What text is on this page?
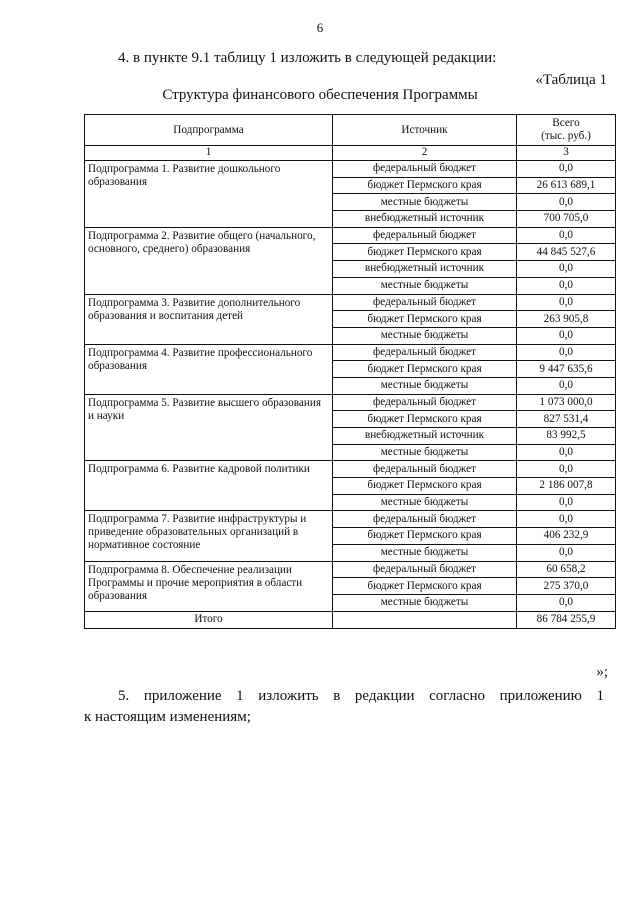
6
4. в пункте 9.1 таблицу 1 изложить в следующей редакции:
«Таблица 1
Структура финансового обеспечения Программы
Подпрограмма	Источник	Всего
(тыс. руб.)
1	2	3
Подпрограмма 1. Развитие дошкольного образования	федеральный бюджет	0,0
	бюджет Пермского края	26 613 689,1
	местные бюджеты	0,0
	внебюджетный источник	700 705,0
Подпрограмма 2. Развитие общего (начального, основного, среднего) образования	федеральный бюджет	0,0
	бюджет Пермского края	44 845 527,6
	внебюджетный источник	0,0
	местные бюджеты	0,0
Подпрограмма 3. Развитие дополнительного образования и воспитания детей	федеральный бюджет	0,0
	бюджет Пермского края	263 905,8
	местные бюджеты	0,0
Подпрограмма 4. Развитие профессионального образования	федеральный бюджет	0,0
	бюджет Пермского края	9 447 635,6
	местные бюджеты	0,0
Подпрограмма 5. Развитие высшего образования и науки	федеральный бюджет	1 073 000,0
	бюджет Пермского края	827 531,4
	внебюджетный источник	83 992,5
	местные бюджеты	0,0
Подпрограмма 6. Развитие кадровой политики	федеральный бюджет	0,0
	бюджет Пермского края	2 186 007,8
	местные бюджеты	0,0
Подпрограмма 7. Развитие инфраструктуры и приведение образовательных организаций в нормативное состояние	федеральный бюджет	0,0
	бюджет Пермского края	406 232,9
	местные бюджеты	0,0
Подпрограмма 8. Обеспечение реализации Программы и прочие мероприятия в области образования	федеральный бюджет	60 658,2
	бюджет Пермского края	275 370,0
	местные бюджеты	0,0
Итого		86 784 255,9
»;
5. приложение 1 изложить в редакции согласно приложению 1
к настоящим изменениям;
